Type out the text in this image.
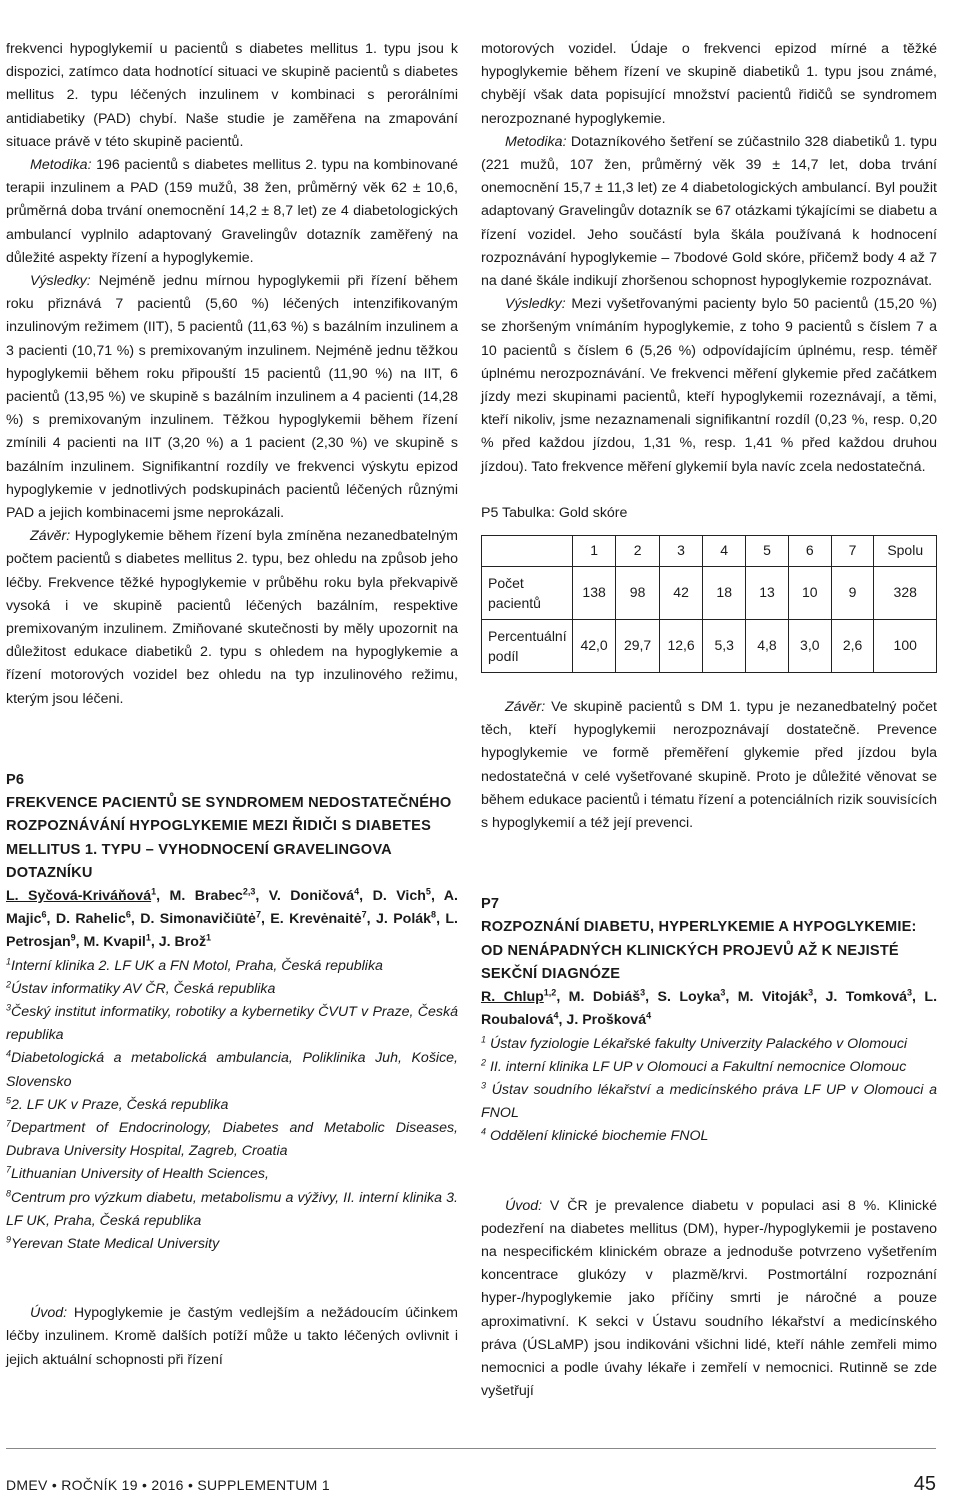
frekvenci hypoglykemií u pacientů s diabetes mellitus 1. typu jsou k dispozici, zatímco data hodnotící situaci ve skupině pacientů s diabetes mellitus 2. typu léčených inzulinem v kombinaci s perorálními antidiabetiky (PAD) chybí. Naše studie je zaměřena na zmapování situace právě v této skupině pacientů.

Metodika: 196 pacientů s diabetes mellitus 2. typu na kombinované terapii inzulinem a PAD (159 mužů, 38 žen, průměrný věk 62 ± 10,6, průměrná doba trvání onemocnění 14,2 ± 8,7 let) ze 4 diabetologických ambulancí vyplnilo adaptovaný Gravelingův dotazník zaměřený na důležité aspekty řízení a hypoglykemie.

Výsledky: Nejméně jednu mírnou hypoglykemii při řízení během roku přiznává 7 pacientů (5,60 %) léčených intenzifikovaným inzulinovým režimem (IIT), 5 pacientů (11,63 %) s bazálním inzulinem a 3 pacienti (10,71 %) s premixovaným inzulinem. Nejméně jednu těžkou hypoglykemii během roku připouští 15 pacientů (11,90 %) na IIT, 6 pacientů (13,95 %) ve skupině s bazálním inzulinem a 4 pacienti (14,28 %) s premixovaným inzulinem. Těžkou hypoglykemii během řízení zmínili 4 pacienti na IIT (3,20 %) a 1 pacient (2,30 %) ve skupině s bazálním inzulinem. Signifikantní rozdíly ve frekvenci výskytu epizod hypoglykemie v jednotlivých podskupinách pacientů léčených různými PAD a jejich kombinacemi jsme neprokázali.

Závěr: Hypoglykemie během řízení byla zmíněna nezanedbatelným počtem pacientů s diabetes mellitus 2. typu, bez ohledu na způsob jeho léčby. Frekvence těžké hypoglykemie v průběhu roku byla překvapivě vysoká i ve skupině pacientů léčených bazálním, respektive premixovaným inzulinem. Zmiňované skutečnosti by měly upozornit na důležitost edukace diabetiků 2. typu s ohledem na hypoglykemie a řízení motorových vozidel bez ohledu na typ inzulinového režimu, kterým jsou léčeni.

P6
FREKVENCE PACIENTŮ SE SYNDROMEM NEDOSTATEČNÉHO ROZPOZNÁVÁNÍ HYPOGLYKEMIE MEZI ŘIDIČI S DIABETES MELLITUS 1. TYPU – VYHODNOCENÍ GRAVELINGOVA DOTAZNÍKU

L. Syčová-Kriváňová$^1$, M. Brabec$^{2,3}$, V. Doničová$^4$, D. Vich$^5$, A. Majic$^6$, D. Rahelic$^6$, D. Simonavičiūtė$^7$, E. Krevėnaitė$^7$, J. Polák$^8$, L. Petrosjan$^9$, M. Kvapil$^1$, J. Brož$^1$

$^1$Interní klinika 2. LF UK a FN Motol, Praha, Česká republika

$^2$Ústav informatiky AV ČR, Česká republika

$^3$Český institut informatiky, robotiky a kybernetiky ČVUT v Praze, Česká republika

$^4$Diabetologická a metabolická ambulancia, Poliklinika Juh, Košice, Slovensko

$^5$2. LF UK v Praze, Česká republika

$^7$Department of Endocrinology, Diabetes and Metabolic Diseases, Dubrava University Hospital, Zagreb, Croatia

$^7$Lithuanian University of Health Sciences,

$^8$Centrum pro výzkum diabetu, metabolismu a výživy, II. interní klinika 3. LF UK, Praha, Česká republika

$^9$Yerevan State Medical University

Úvod: Hypoglykemie je častým vedlejším a nežádoucím účinkem léčby inzulinem. Kromě dalších potíží může u takto léčených ovlivnit i jejich aktuální schopnosti při řízení

motorových vozidel. Údaje o frekvenci epizod mírné a těžké hypoglykemie během řízení ve skupině diabetiků 1. typu jsou známé, chybějí však data popisující množství pacientů řidičů se syndromem nerozpoznané hypoglykemie.

Metodika: Dotazníkového šetření se zúčastnilo 328 diabetiků 1. typu (221 mužů, 107 žen, průměrný věk 39 ± 14,7 let, doba trvání onemocnění 15,7 ± 11,3 let) ze 4 diabetologických ambulancí. Byl použit adaptovaný Gravelingův dotazník se 67 otázkami týkajícími se diabetu a řízení vozidel. Jeho součástí byla škála používaná k hodnocení rozpoznávání hypoglykemie – 7bodové Gold skóre, přičemž body 4 až 7 na dané škále indikují zhoršenou schopnost hypoglykemie rozpoznávat.

Výsledky: Mezi vyšetřovanými pacienty bylo 50 pacientů (15,20 %) se zhoršeným vnímáním hypoglykemie, z toho 9 pacientů s číslem 7 a 10 pacientů s číslem 6 (5,26 %) odpovídajícím úplnému, resp. téměř úplnému nerozpoznávání. Ve frekvenci měření glykemie před začátkem jízdy mezi skupinami pacientů, kteří hypoglykemii rozeznávají, a těmi, kteří nikoliv, jsme nezaznamenali signifikantní rozdíl (0,23 %, resp. 0,20 % před každou jízdou, 1,31 %, resp. 1,41 % před každou druhou jízdou). Tato frekvence měření glykemií byla navíc zcela nedostatečná.

P5 Tabulka: Gold skóre
	1	2	3	4	5	6	7	Spolu
Počet pacientů	138	98	42	18	13	10	9	328
Percentuální podíl	42,0	29,7	12,6	5,3	4,8	3,0	2,6	100

Závěr: Ve skupině pacientů s DM 1. typu je nezanedbatelný počet těch, kteří hypoglykemii nerozpoznávají dostatečně. Prevence hypoglykemie ve formě přeměření glykemie před jízdou byla nedostatečná v celé vyšetřované skupině. Proto je důležité věnovat se během edukace pacientů i tématu řízení a potenciálních rizik souvisících s hypoglykemií a též její prevenci.

P7
ROZPOZNÁNÍ DIABETU, HYPERLYKEMIE A HYPOGLYKEMIE: OD NENÁPADNÝCH KLINICKÝCH PROJEVŮ AŽ K NEJISTÉ SEKČNÍ DIAGNÓZE

R. Chlup$^{1,2}$, M. Dobiáš$^3$, S. Loyka$^3$, M. Vitoják$^3$, J. Tomková$^3$, L. Roubalová$^4$, J. Prošková$^4$

$^1$ Ústav fyziologie Lékařské fakulty Univerzity Palackého v Olomouci

$^2$ II. interní klinika LF UP v Olomouci a Fakultní nemocnice Olomouc

$^3$ Ústav soudního lékařství a medicínského práva LF UP v Olomouci a FNOL

$^4$ Oddělení klinické biochemie FNOL

Úvod: V ČR je prevalence diabetu v populaci asi 8 %. Klinické podezření na diabetes mellitus (DM), hyper-/hypoglykemii je postaveno na nespecifickém klinickém obraze a jednoduše potvrzeno vyšetřením koncentrace glukózy v plazmě/krvi. Postmortální rozpoznání hyper-/hypoglykemie jako příčiny smrti je náročné a pouze aproximativní. K sekci v Ústavu soudního lékařství a medicínského práva (ÚSLaMP) jsou indikováni všichni lidé, kteří náhle zemřeli mimo nemocnici a podle úvahy lékaře i zemřelí v nemocnici. Rutinně se zde vyšetřují

DMEV • ROČNÍK 19 • 2016 • SUPPLEMENTUM 1	45
